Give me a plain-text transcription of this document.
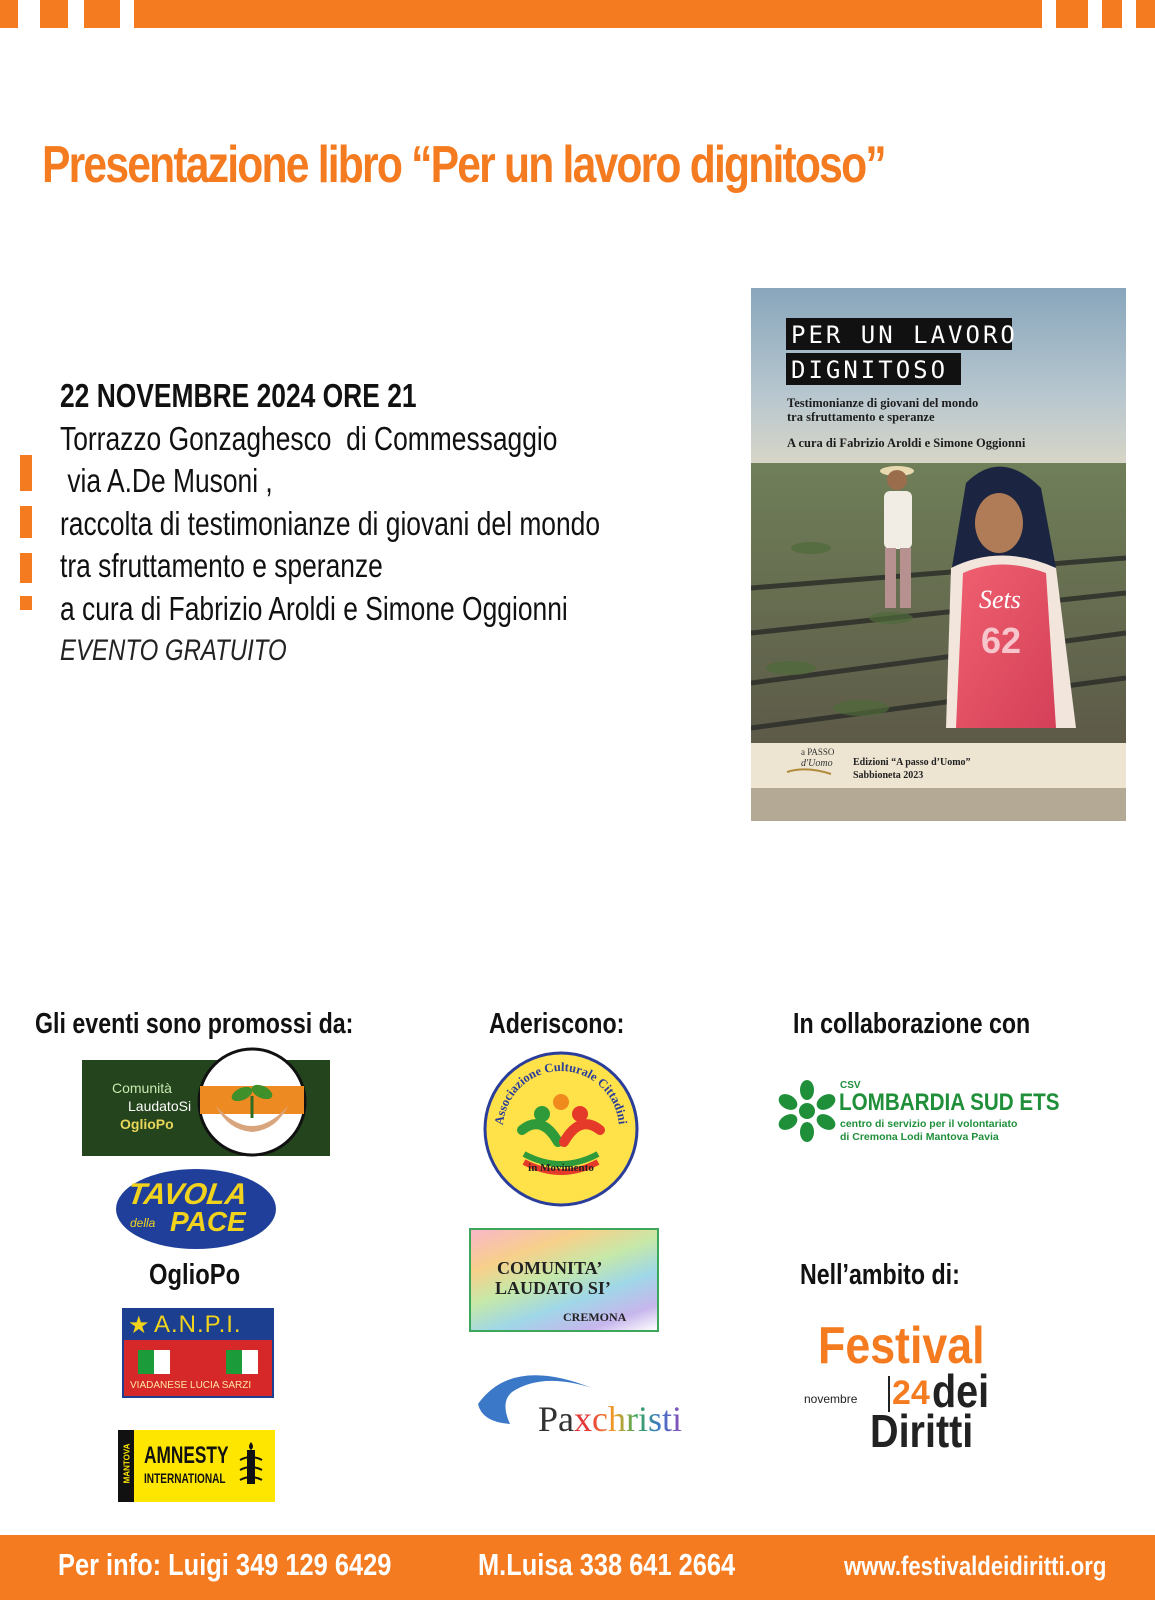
Presentazione libro “Per un lavoro dignitoso”
22 NOVEMBRE 2024 ORE 21
Torrazzo Gonzaghesco  di Commessaggio
via A.De Musoni ,
raccolta di testimonianze di giovani del mondo
tra sfruttamento e speranze
a cura di Fabrizio Aroldi e Simone Oggionni
EVENTO GRATUITO
Sets
62
a PASSO
d'Uomo Edizioni “A passo d’Uomo”
Sabbioneta 2023
PER UN LAVORO
DIGNITOSO
Testimonianze di giovani del mondo
tra sfruttamento e speranze
A cura di Fabrizio Aroldi e Simone Oggionni
Gli eventi sono promossi da:	Aderiscono:	In collaborazione con
Comunità
LaudatoSi
OglioPo
TAVOLA
della PACE
OglioPo
★ A.N.P.I.
VIADANESE LUCIA SARZI
MANTOVA AMNESTY
INTERNATIONAL
Associazione Culturale Cittadini
in Movimento
COMUNITA’
LAUDATO SI’
CREMONA
Paxchristi
CSV
LOMBARDIA SUD ETS
centro di servizio per il volontariato
di Cremona Lodi Mantova Pavia
Nell’ambito di:
Festival
novembre 24 dei
Diritti
Per info: Luigi 349 129 6429	M.Luisa 338 641 2664	www.festivaldeidiritti.org
